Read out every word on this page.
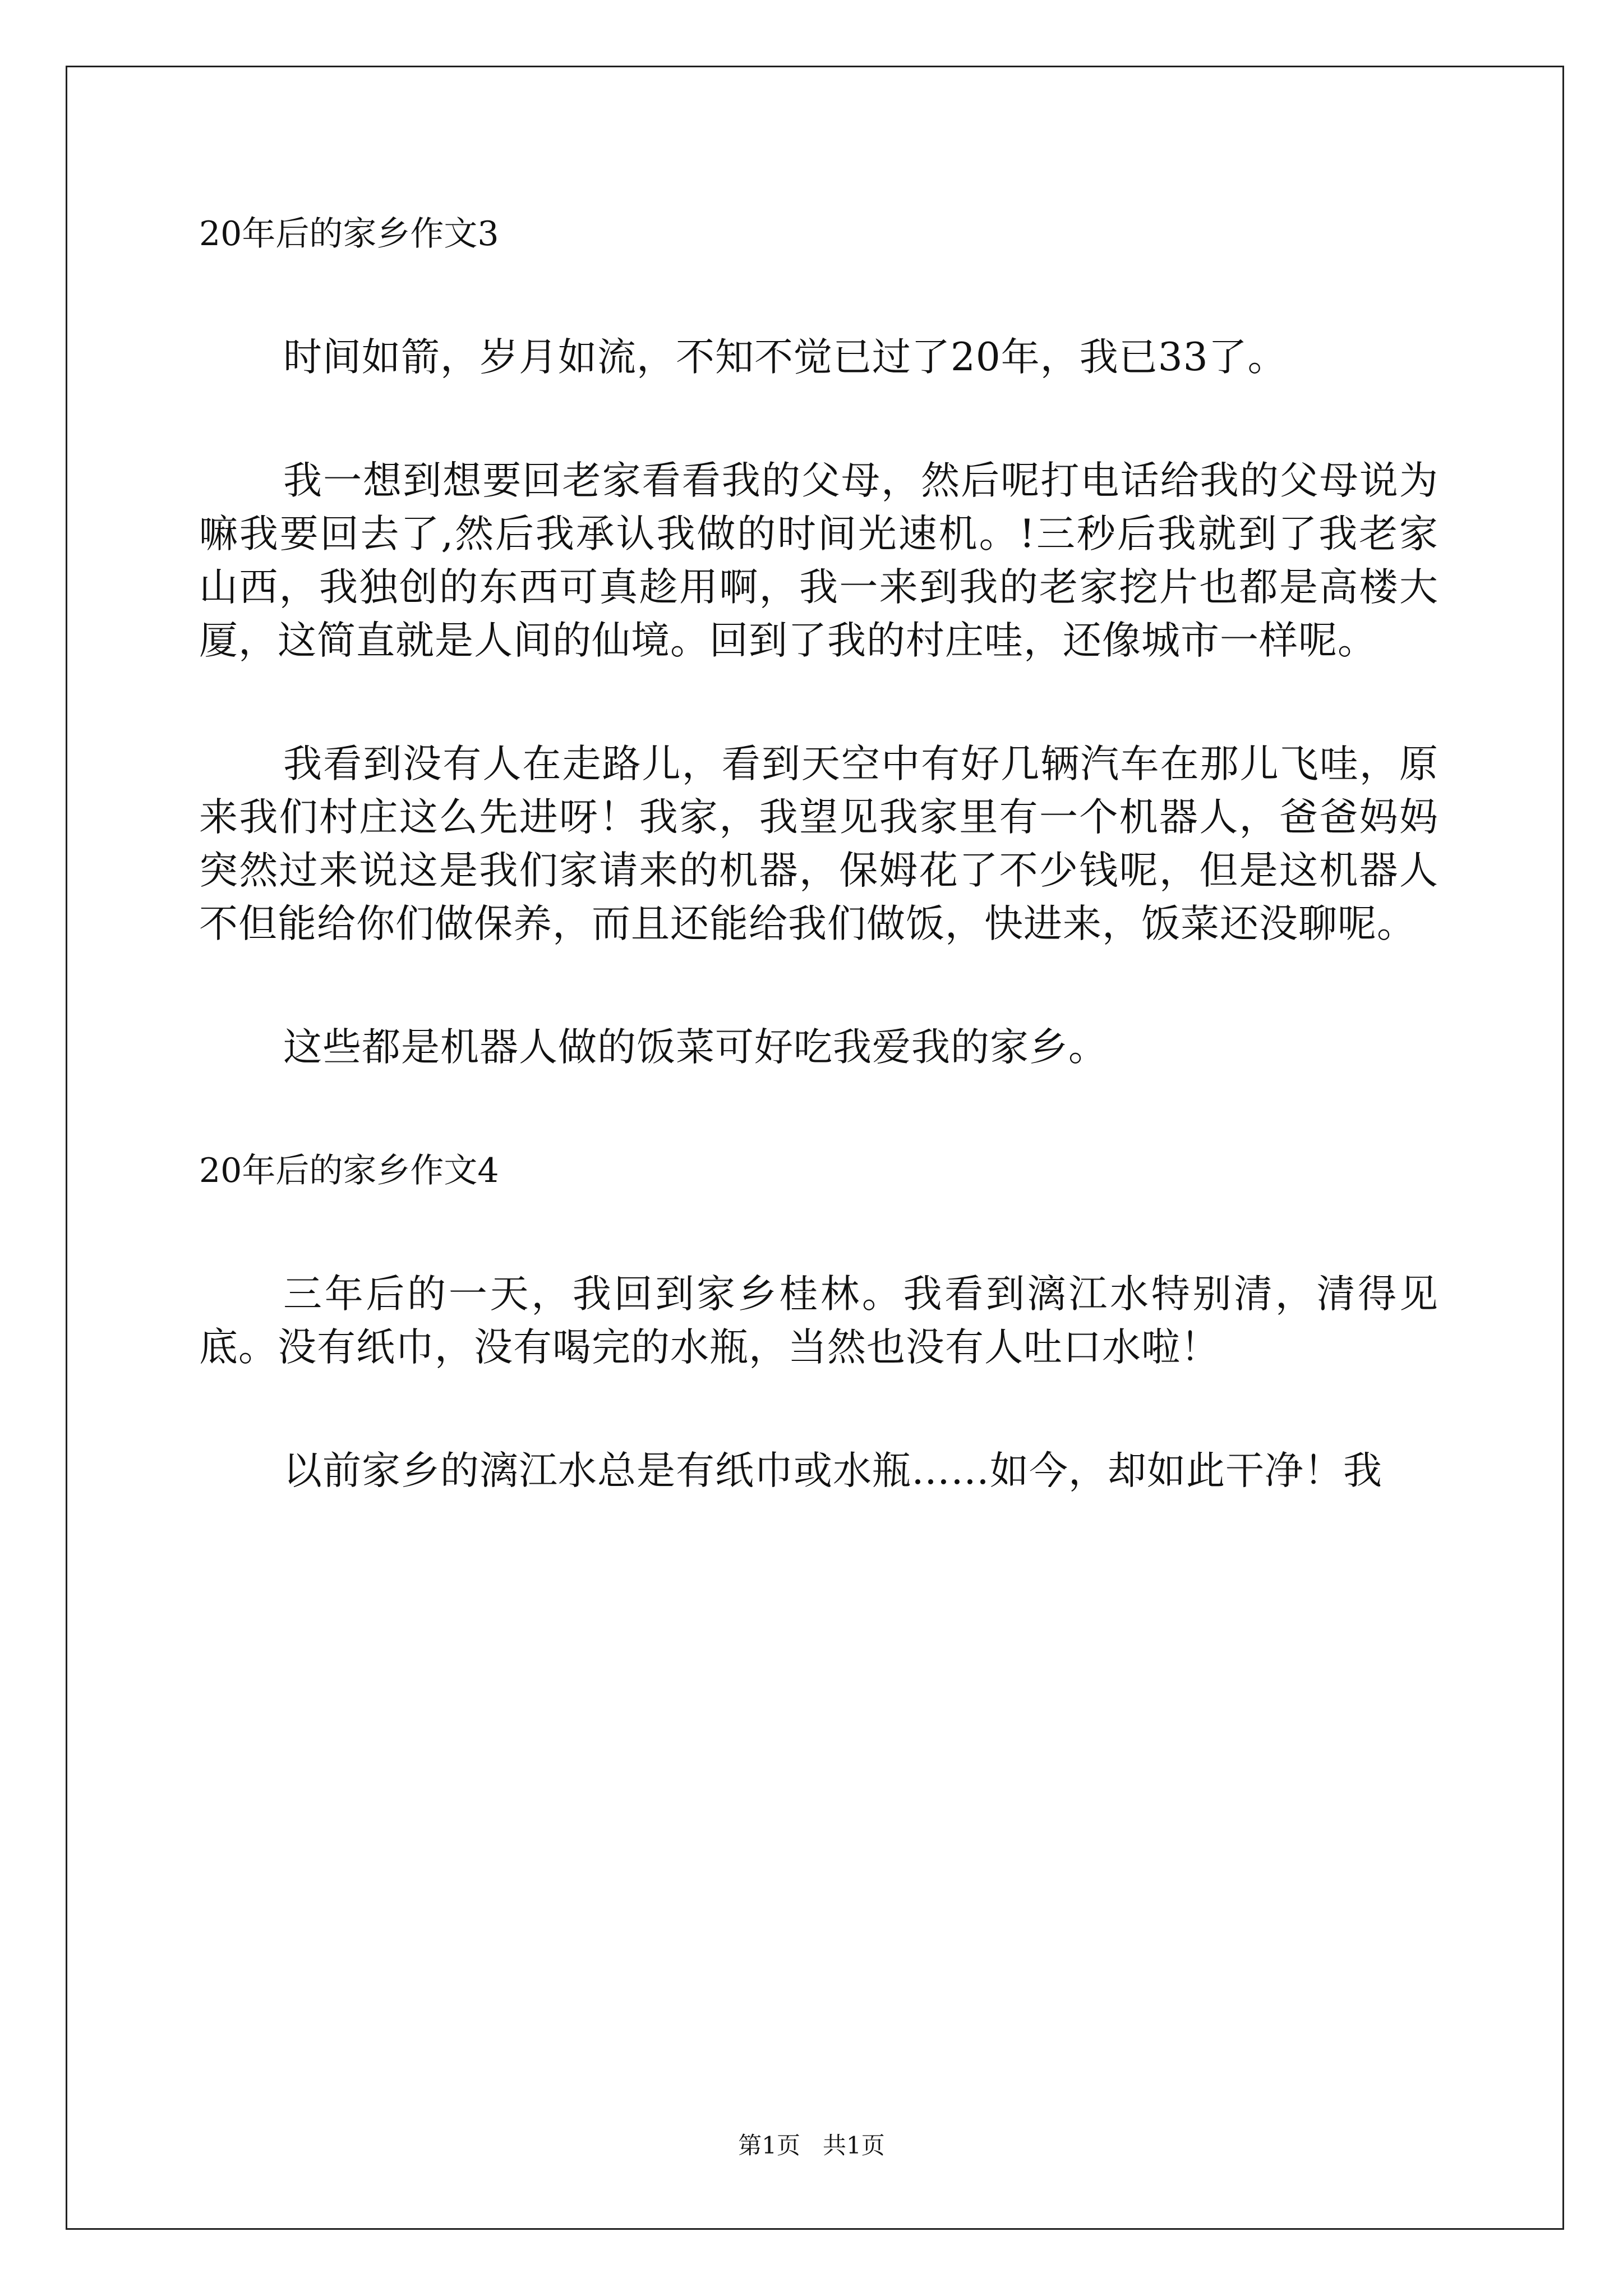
20年后的家乡作文3

时间如箭，岁月如流，不知不觉已过了20年，我已33了。

我一想到想要回老家看看我的父母，然后呢打电话给我的父母说为嘛我要回去了,然后我承认我做的时间光速机。!三秒后我就到了我老家山西，我独创的东西可真趁用啊，我一来到我的老家挖片也都是高楼大厦，这简直就是人间的仙境。回到了我的村庄哇，还像城市一样呢。

我看到没有人在走路儿，看到天空中有好几辆汽车在那儿飞哇，原来我们村庄这么先进呀！我家，我望见我家里有一个机器人，爸爸妈妈突然过来说这是我们家请来的机器，保姆花了不少钱呢，但是这机器人不但能给你们做保养，而且还能给我们做饭，快进来，饭菜还没聊呢。

这些都是机器人做的饭菜可好吃我爱我的家乡。

20年后的家乡作文4

三年后的一天，我回到家乡桂林。我看到漓江水特别清，清得见底。没有纸巾，没有喝完的水瓶，当然也没有人吐口水啦！

以前家乡的漓江水总是有纸巾或水瓶……如今，却如此干净！我

第1页   共1页
